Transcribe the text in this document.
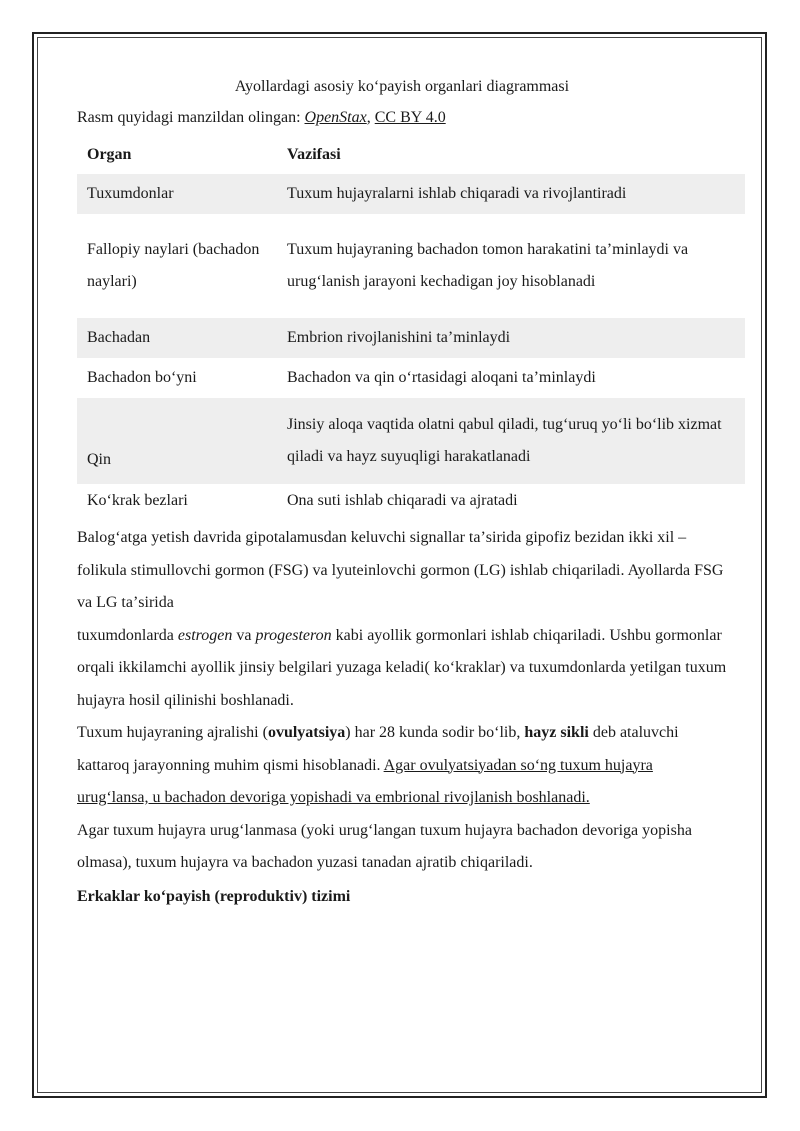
Ayollardagi asosiy koʻpayish organlari diagrammasi

Rasm quyidagi manzildan olingan: OpenStax, CC BY 4.0

Organ	Vazifasi
Tuxumdonlar	Tuxum hujayralarni ishlab chiqaradi va rivojlantiradi
Fallopiy naylari (bachadon naylari)	Tuxum hujayraning bachadon tomon harakatini taʼminlaydi va urugʻlanish jarayoni kechadigan joy hisoblanadi
Bachadan	Embrion rivojlanishini taʼminlaydi
Bachadon boʻyni	Bachadon va qin oʻrtasidagi aloqani taʼminlaydi
Qin	Jinsiy aloqa vaqtida olatni qabul qiladi, tugʻuruq yoʻli boʻlib xizmat qiladi va hayz suyuqligi harakatlanadi
Koʻkrak bezlari	Ona suti ishlab chiqaradi va ajratadi

Balogʻatga yetish davrida gipotalamusdan keluvchi signallar taʼsirida gipofiz bezidan ikki xil – folikula stimullovchi gormon (FSG) va lyuteinlovchi gormon (LG) ishlab chiqariladi. Ayollarda FSG va LG taʼsirida
tuxumdonlarda estrogen va progesteron kabi ayollik gormonlari ishlab chiqariladi. Ushbu gormonlar orqali ikkilamchi ayollik jinsiy belgilari yuzaga keladi( koʻkraklar) va tuxumdonlarda yetilgan tuxum hujayra hosil qilinishi boshlanadi.

Tuxum hujayraning ajralishi (ovulyatsiya) har 28 kunda sodir boʻlib, hayz sikli deb ataluvchi kattaroq jarayonning muhim qismi hisoblanadi. Agar ovulyatsiyadan soʻng tuxum hujayra urugʻlansa, u bachadon devoriga yopishadi va embrional rivojlanish boshlanadi.

Agar tuxum hujayra urugʻlanmasa (yoki urugʻlangan tuxum hujayra bachadon devoriga yopisha olmasa), tuxum hujayra va bachadon yuzasi tanadan ajratib chiqariladi.

Erkaklar koʻpayish (reproduktiv) tizimi
